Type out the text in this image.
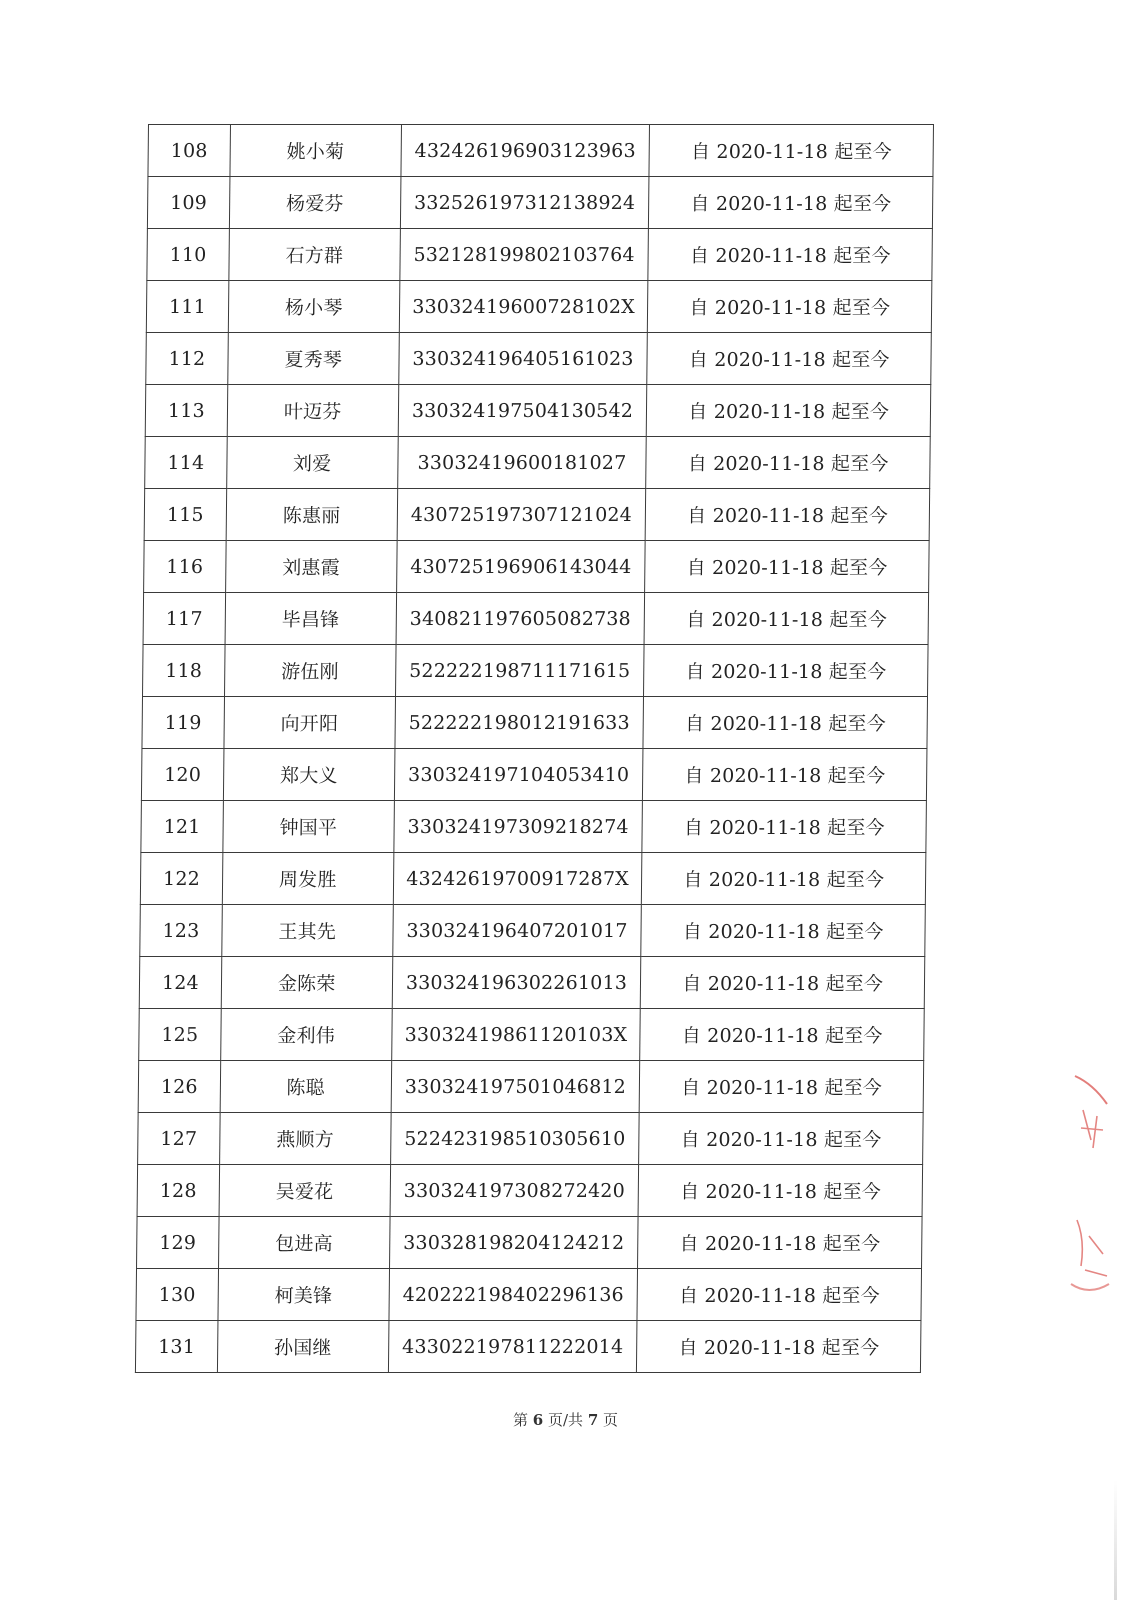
108	姚小菊	432426196903123963	自 2020-11-18 起至今
109	杨爱芬	332526197312138924	自 2020-11-18 起至今
110	石方群	532128199802103764	自 2020-11-18 起至今
111	杨小琴	33032419600728102X	自 2020-11-18 起至今
112	夏秀琴	330324196405161023	自 2020-11-18 起至今
113	叶迈芬	330324197504130542	自 2020-11-18 起至今
114	刘爱	33032419600181027	自 2020-11-18 起至今
115	陈惠丽	430725197307121024	自 2020-11-18 起至今
116	刘惠霞	430725196906143044	自 2020-11-18 起至今
117	毕昌锋	340821197605082738	自 2020-11-18 起至今
118	游伍刚	522222198711171615	自 2020-11-18 起至今
119	向开阳	522222198012191633	自 2020-11-18 起至今
120	郑大义	330324197104053410	自 2020-11-18 起至今
121	钟国平	330324197309218274	自 2020-11-18 起至今
122	周发胜	43242619700917287X	自 2020-11-18 起至今
123	王其先	330324196407201017	自 2020-11-18 起至今
124	金陈荣	330324196302261013	自 2020-11-18 起至今
125	金利伟	33032419861120103X	自 2020-11-18 起至今
126	陈聪	330324197501046812	自 2020-11-18 起至今
127	燕顺方	522423198510305610	自 2020-11-18 起至今
128	吴爱花	330324197308272420	自 2020-11-18 起至今
129	包进高	330328198204124212	自 2020-11-18 起至今
130	柯美锋	420222198402296136	自 2020-11-18 起至今
131	孙国继	433022197811222014	自 2020-11-18 起至今
第 6 页/共 7 页
